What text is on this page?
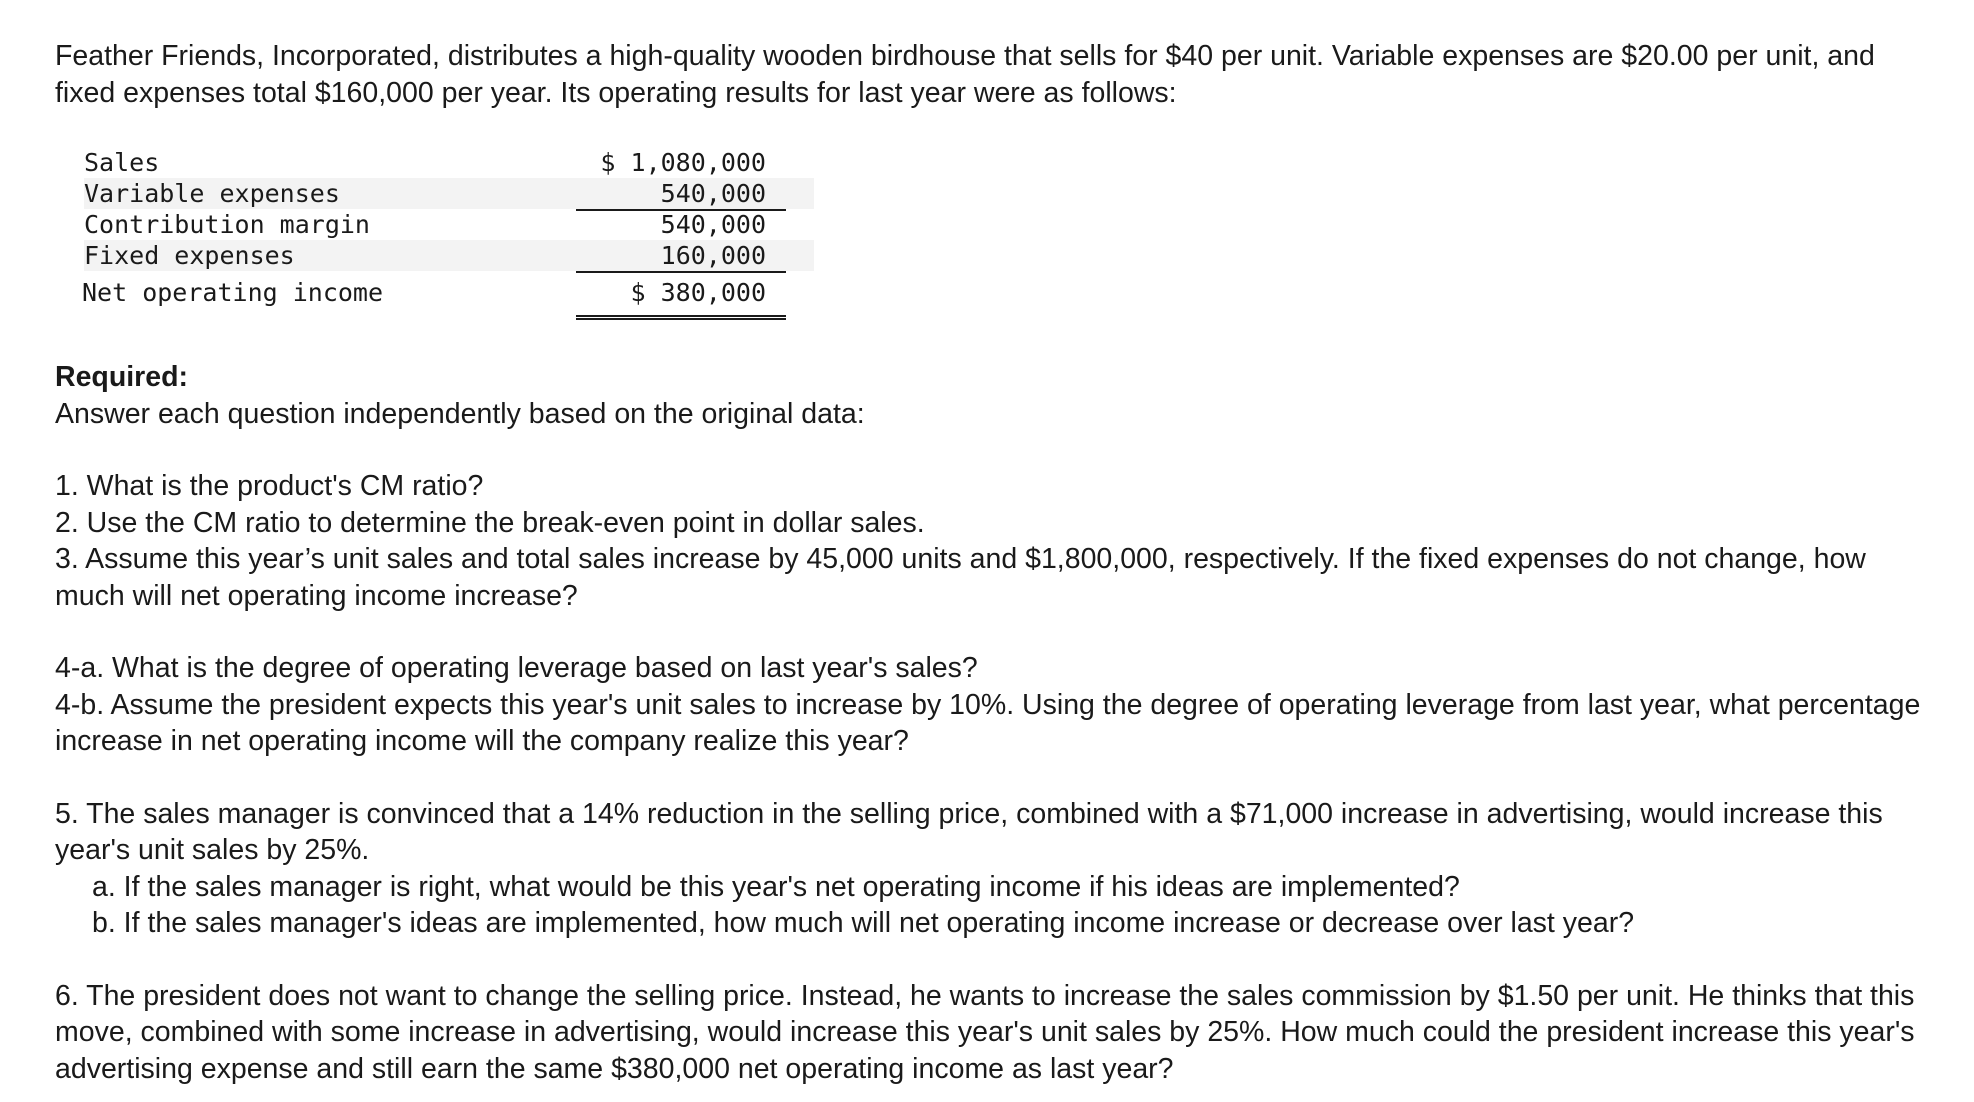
Feather Friends, Incorporated, distributes a high-quality wooden birdhouse that sells for $40 per unit. Variable expenses are $20.00 per unit, and fixed expenses total $160,000 per year. Its operating results for last year were as follows:

Sales	$ 1,080,000
Variable expenses	540,000
Contribution margin	540,000
Fixed expenses	160,000
Net operating income	$ 380,000

Required:

Answer each question independently based on the original data:

1. What is the product's CM ratio?

2. Use the CM ratio to determine the break-even point in dollar sales.

3. Assume this year’s unit sales and total sales increase by 45,000 units and $1,800,000, respectively. If the fixed expenses do not change, how much will net operating income increase?

4-a. What is the degree of operating leverage based on last year's sales?

4-b. Assume the president expects this year's unit sales to increase by 10%. Using the degree of operating leverage from last year, what percentage increase in net operating income will the company realize this year?

5. The sales manager is convinced that a 14% reduction in the selling price, combined with a $71,000 increase in advertising, would increase this year's unit sales by 25%.

a. If the sales manager is right, what would be this year's net operating income if his ideas are implemented?

b. If the sales manager's ideas are implemented, how much will net operating income increase or decrease over last year?

6. The president does not want to change the selling price. Instead, he wants to increase the sales commission by $1.50 per unit. He thinks that this move, combined with some increase in advertising, would increase this year's unit sales by 25%. How much could the president increase this year's advertising expense and still earn the same $380,000 net operating income as last year?
